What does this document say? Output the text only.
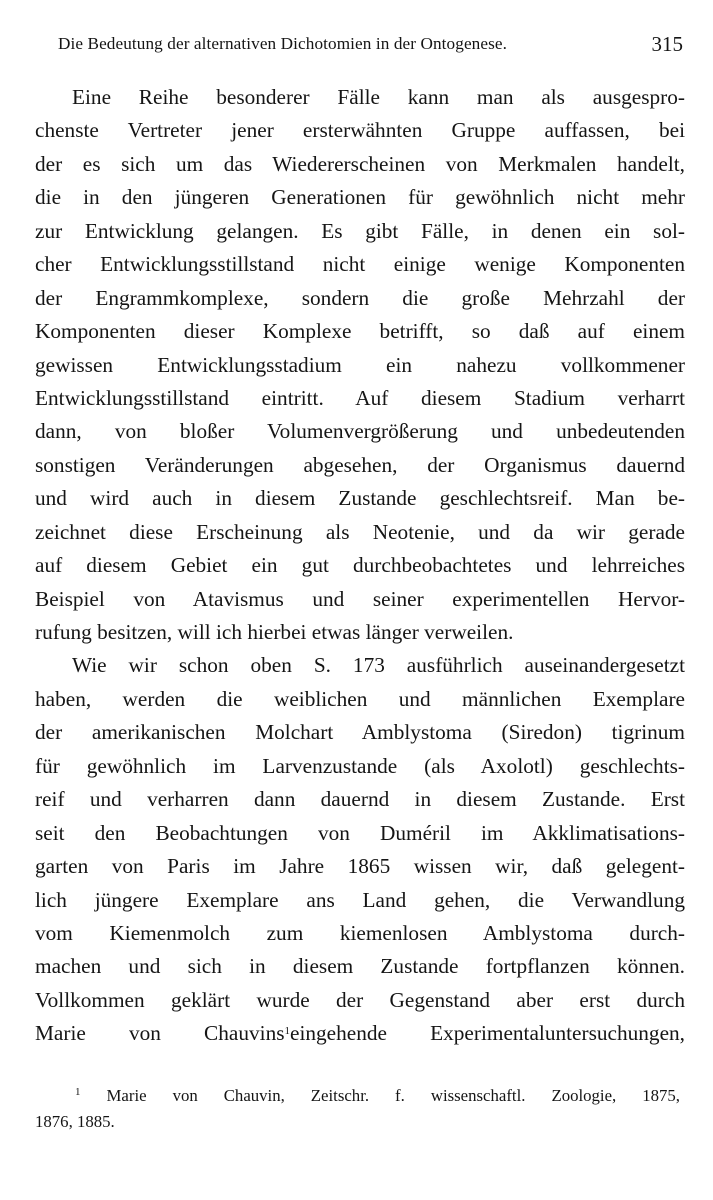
Die Bedeutung der alternativen Dichotomien in der Ontogenese.	315
Eine Reihe besonderer Fälle kann man als ausgespro-
chenste Vertreter jener ersterwähnten Gruppe auffassen, bei
der es sich um das Wiedererscheinen von Merkmalen handelt,
die in den jüngeren Generationen für gewöhnlich nicht mehr
zur Entwicklung gelangen. Es gibt Fälle, in denen ein sol-
cher Entwicklungsstillstand nicht einige wenige Komponenten
der Engrammkomplexe, sondern die große Mehrzahl der
Komponenten dieser Komplexe betrifft, so daß auf einem
gewissen Entwicklungsstadium ein nahezu vollkommener
Entwicklungsstillstand eintritt. Auf diesem Stadium verharrt
dann, von bloßer Volumenvergrößerung und unbedeutenden
sonstigen Veränderungen abgesehen, der Organismus dauernd
und wird auch in diesem Zustande geschlechtsreif. Man be-
zeichnet diese Erscheinung als Neotenie, und da wir gerade
auf diesem Gebiet ein gut durchbeobachtetes und lehrreiches
Beispiel von Atavismus und seiner experimentellen Hervor-
rufung besitzen, will ich hierbei etwas länger verweilen.
Wie wir schon oben S. 173 ausführlich auseinandergesetzt
haben, werden die weiblichen und männlichen Exemplare
der amerikanischen Molchart Amblystoma (Siredon) tigrinum
für gewöhnlich im Larvenzustande (als Axolotl) geschlechts-
reif und verharren dann dauernd in diesem Zustande. Erst
seit den Beobachtungen von Duméril im Akklimatisations-
garten von Paris im Jahre 1865 wissen wir, daß gelegent-
lich jüngere Exemplare ans Land gehen, die Verwandlung
vom Kiemenmolch zum kiemenlosen Amblystoma durch-
machen und sich in diesem Zustande fortpflanzen können.
Vollkommen geklärt wurde der Gegenstand aber erst durch
Marie von Chauvins$^1$eingehende Experimentaluntersuchungen,
$^1$ Marie von Chauvin, Zeitschr. f. wissenschaftl. Zoologie, 1875,
1876, 1885.
